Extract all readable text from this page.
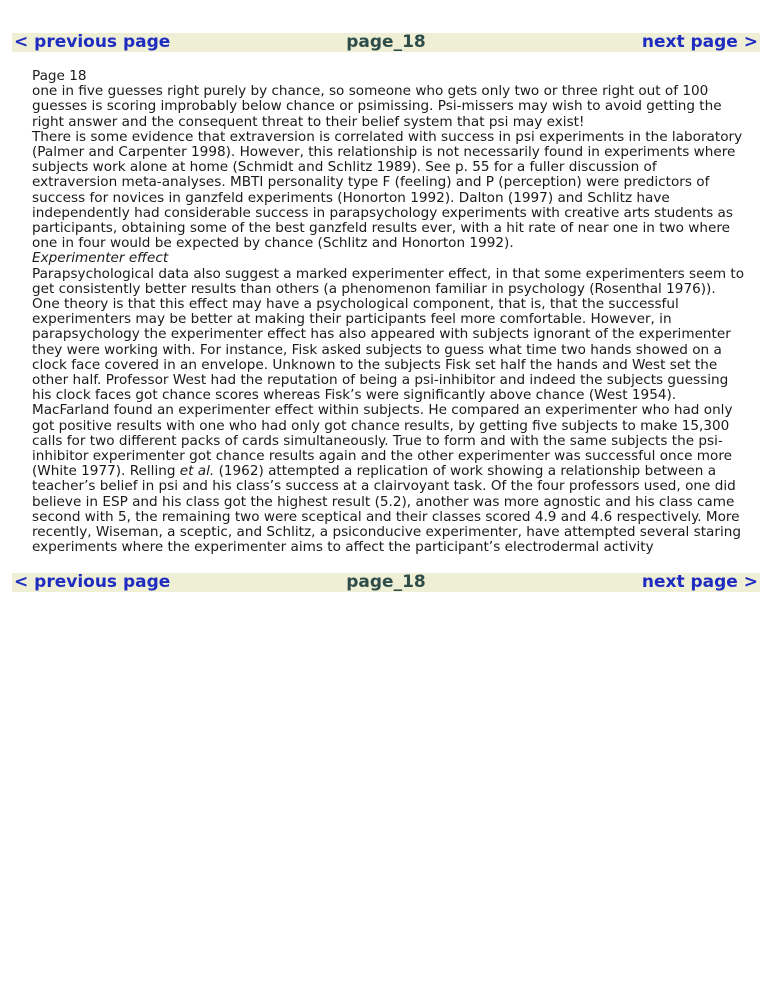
< previous page	page_18	next page >

Page 18

one in five guesses right purely by chance, so someone who gets only two or three right out of 100 guesses is scoring improbably below chance or psimissing. Psi-missers may wish to avoid getting the right answer and the consequent threat to their belief system that psi may exist!

There is some evidence that extraversion is correlated with success in psi experiments in the laboratory (Palmer and Carpenter 1998). However, this relationship is not necessarily found in experiments where subjects work alone at home (Schmidt and Schlitz 1989). See p. 55 for a fuller discussion of extraversion meta-analyses. MBTI personality type F (feeling) and P (perception) were predictors of success for novices in ganzfeld experiments (Honorton 1992). Dalton (1997) and Schlitz have independently had considerable success in parapsychology experiments with creative arts students as participants, obtaining some of the best ganzfeld results ever, with a hit rate of near one in two where one in four would be expected by chance (Schlitz and Honorton 1992).

Experimenter effect

Parapsychological data also suggest a marked experimenter effect, in that some experimenters seem to get consistently better results than others (a phenomenon familiar in psychology (Rosenthal 1976)). One theory is that this effect may have a psychological component, that is, that the successful experimenters may be better at making their participants feel more comfortable. However, in parapsychology the experimenter effect has also appeared with subjects ignorant of the experimenter they were working with. For instance, Fisk asked subjects to guess what time two hands showed on a clock face covered in an envelope. Unknown to the subjects Fisk set half the hands and West set the other half. Professor West had the reputation of being a psi-inhibitor and indeed the subjects guessing his clock faces got chance scores whereas Fisk’s were significantly above chance (West 1954). MacFarland found an experimenter effect within subjects. He compared an experimenter who had only got positive results with one who had only got chance results, by getting five subjects to make 15,300 calls for two different packs of cards simultaneously. True to form and with the same subjects the psi-inhibitor experimenter got chance results again and the other experimenter was successful once more (White 1977). Relling et al. (1962) attempted a replication of work showing a relationship between a teacher’s belief in psi and his class’s success at a clairvoyant task. Of the four professors used, one did believe in ESP and his class got the highest result (5.2), another was more agnostic and his class came second with 5, the remaining two were sceptical and their classes scored 4.9 and 4.6 respectively. More recently, Wiseman, a sceptic, and Schlitz, a psiconducive experimenter, have attempted several staring experiments where the experimenter aims to affect the participant’s electrodermal activity

< previous page	page_18	next page >
